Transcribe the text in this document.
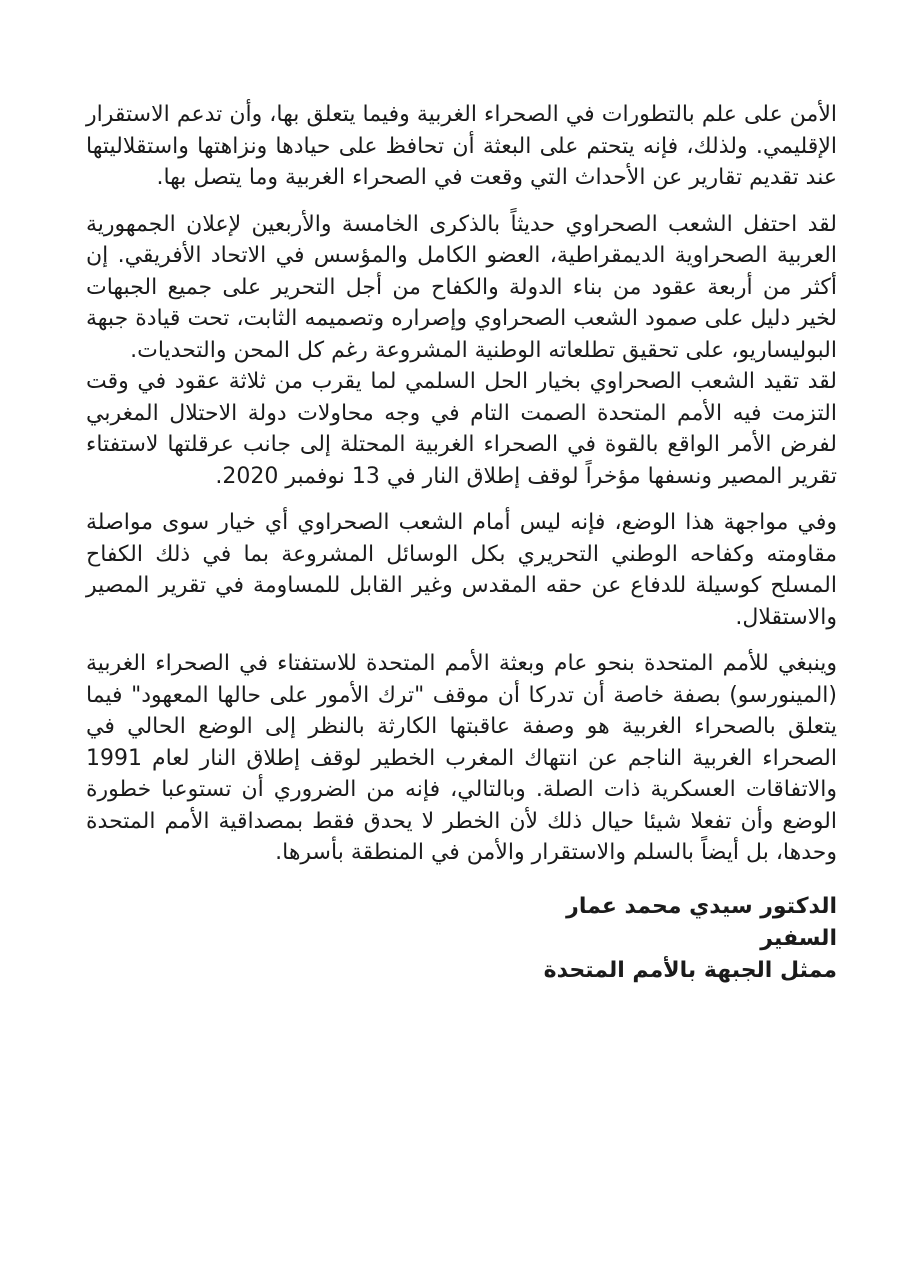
الأمن على علم بالتطورات في الصحراء الغربية وفيما يتعلق بها، وأن تدعم الاستقرار الإقليمي. ولذلك، فإنه يتحتم على البعثة أن تحافظ على حيادها ونزاهتها واستقلاليتها عند تقديم تقارير عن الأحداث التي وقعت في الصحراء الغربية وما يتصل بها.

لقد احتفل الشعب الصحراوي حديثاً بالذكرى الخامسة والأربعين لإعلان الجمهورية العربية الصحراوية الديمقراطية، العضو الكامل والمؤسس في الاتحاد الأفريقي. إن أكثر من أربعة عقود من بناء الدولة والكفاح من أجل التحرير على جميع الجبهات لخير دليل على صمود الشعب الصحراوي وإصراره وتصميمه الثابت، تحت قيادة جبهة البوليساريو، على تحقيق تطلعاته الوطنية المشروعة رغم كل المحن والتحديات.

لقد تقيد الشعب الصحراوي بخيار الحل السلمي لما يقرب من ثلاثة عقود في وقت التزمت فيه الأمم المتحدة الصمت التام في وجه محاولات دولة الاحتلال المغربي لفرض الأمر الواقع بالقوة في الصحراء الغربية المحتلة إلى جانب عرقلتها لاستفتاء تقرير المصير ونسفها مؤخراً لوقف إطلاق النار في 13 نوفمبر 2020.

وفي مواجهة هذا الوضع، فإنه ليس أمام الشعب الصحراوي أي خيار سوى مواصلة مقاومته وكفاحه الوطني التحريري بكل الوسائل المشروعة بما في ذلك الكفاح المسلح كوسيلة للدفاع عن حقه المقدس وغير القابل للمساومة في تقرير المصير والاستقلال.

وينبغي للأمم المتحدة بنحو عام وبعثة الأمم المتحدة للاستفتاء في الصحراء الغربية (المينورسو) بصفة خاصة أن تدركا أن موقف "ترك الأمور على حالها المعهود" فيما يتعلق بالصحراء الغربية هو وصفة عاقبتها الكارثة بالنظر إلى الوضع الحالي في الصحراء الغربية الناجم عن انتهاك المغرب الخطير لوقف إطلاق النار لعام 1991 والاتفاقات العسكرية ذات الصلة. وبالتالي، فإنه من الضروري أن تستوعبا خطورة الوضع وأن تفعلا شيئا حيال ذلك لأن الخطر لا يحدق فقط بمصداقية الأمم المتحدة وحدها، بل أيضاً بالسلم والاستقرار والأمن في المنطقة بأسرها.

الدكتور سيدي محمد عمار
السفير
ممثل الجبهة بالأمم المتحدة
